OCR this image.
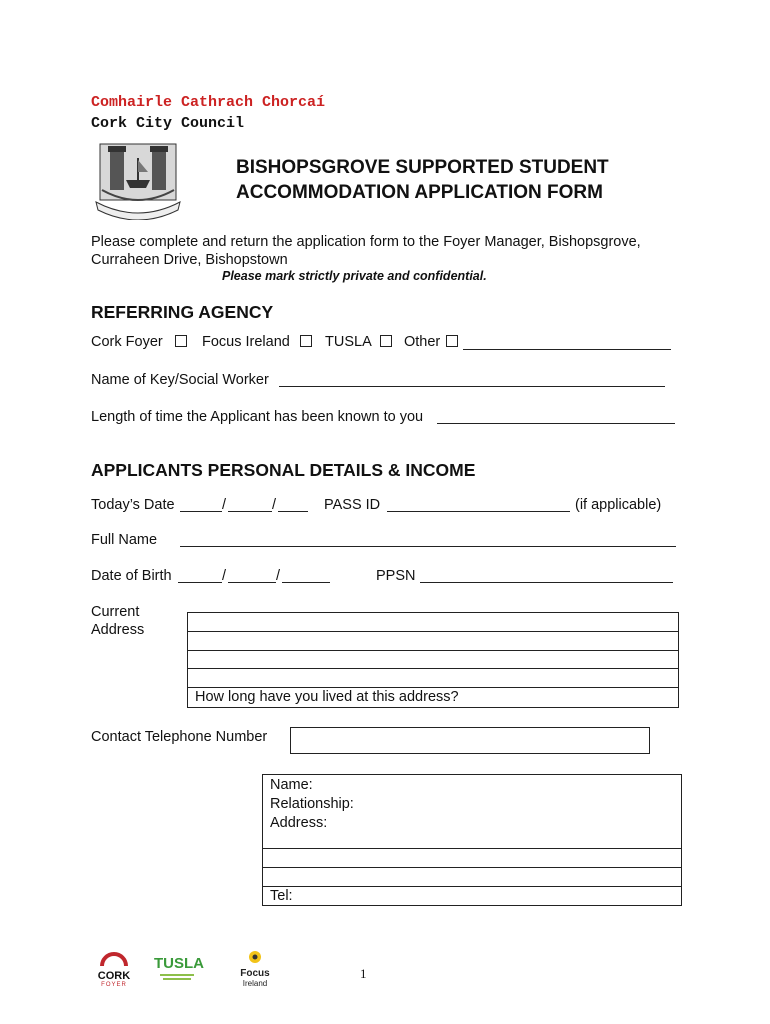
Comhairle Cathrach Chorcaí
Cork City Council
BISHOPSGROVE SUPPORTED STUDENT
ACCOMMODATION APPLICATION FORM
Please complete and return the application form to the Foyer Manager, Bishopsgrove,
Curraheen Drive, Bishopstown
Please mark strictly private and confidential.
REFERRING AGENCY
Cork Foyer	Focus Ireland	TUSLA	Other
Name of Key/Social Worker
Length of time the Applicant has been known to you
APPLICANTS PERSONAL DETAILS & INCOME
Today’s Date	/	/	PASS ID	(if applicable)
Full Name
Date of Birth	/	/	PPSN
Current
Address
How long have you lived at this address?
Contact Telephone Number
Name:
Relationship:
Address:
Tel:
CORK
FOYER
TUSLA
Focus
Ireland
1
